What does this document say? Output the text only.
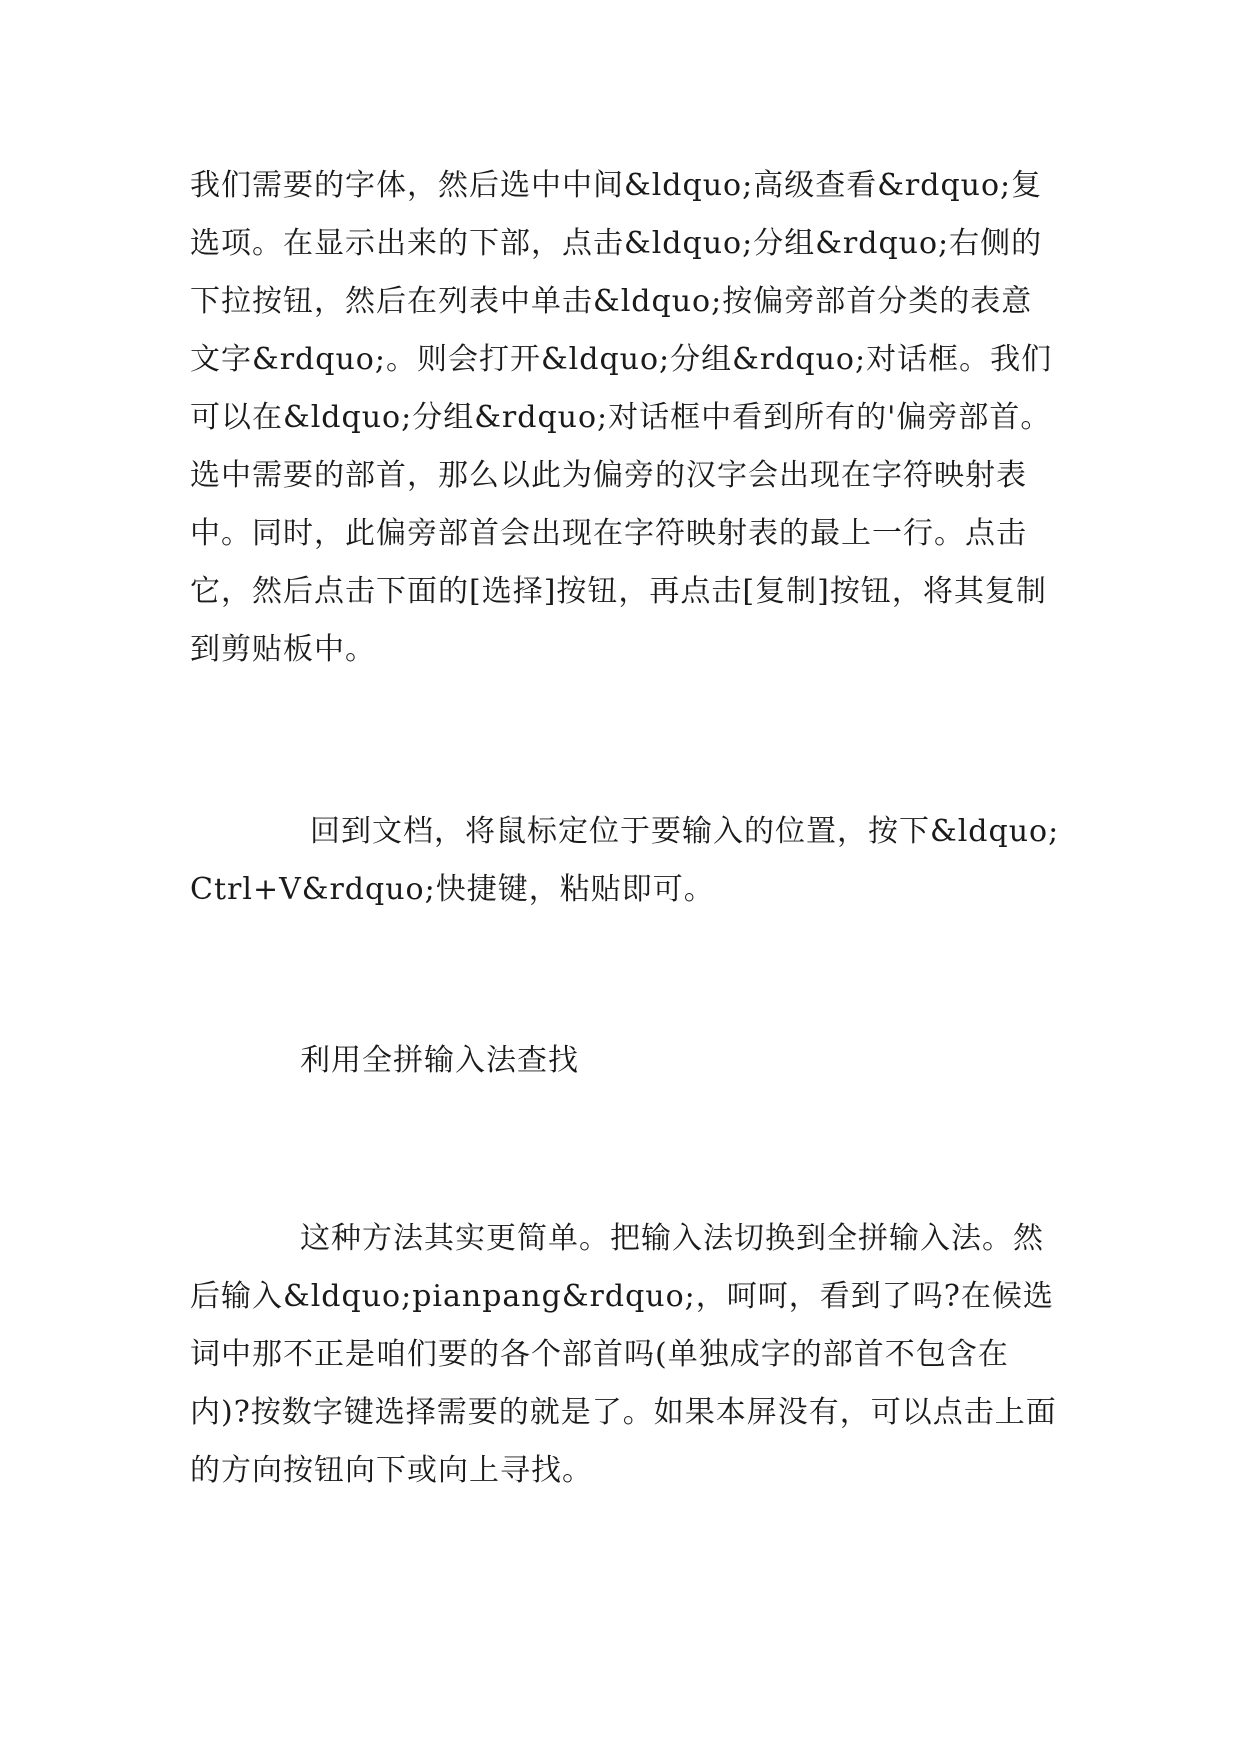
我们需要的字体，然后选中中间&ldquo;高级查看&rdquo;复选项。在显示出来的下部，点击&ldquo;分组&rdquo;右侧的下拉按钮，然后在列表中单击&ldquo;按偏旁部首分类的表意文字&rdquo;。则会打开&ldquo;分组&rdquo;对话框。我们可以在&ldquo;分组&rdquo;对话框中看到所有的'偏旁部首。选中需要的部首，那么以此为偏旁的汉字会出现在字符映射表中。同时，此偏旁部首会出现在字符映射表的最上一行。点击它，然后点击下面的[选择]按钮，再点击[复制]按钮，将其复制到剪贴板中。
回到文档，将鼠标定位于要输入的位置，按下&ldquo;Ctrl+V&rdquo;快捷键，粘贴即可。
利用全拼输入法查找
这种方法其实更简单。把输入法切换到全拼输入法。然后输入&ldquo;pianpang&rdquo;，呵呵，看到了吗?在候选词中那不正是咱们要的各个部首吗(单独成字的部首不包含在内)?按数字键选择需要的就是了。如果本屏没有，可以点击上面的方向按钮向下或向上寻找。
